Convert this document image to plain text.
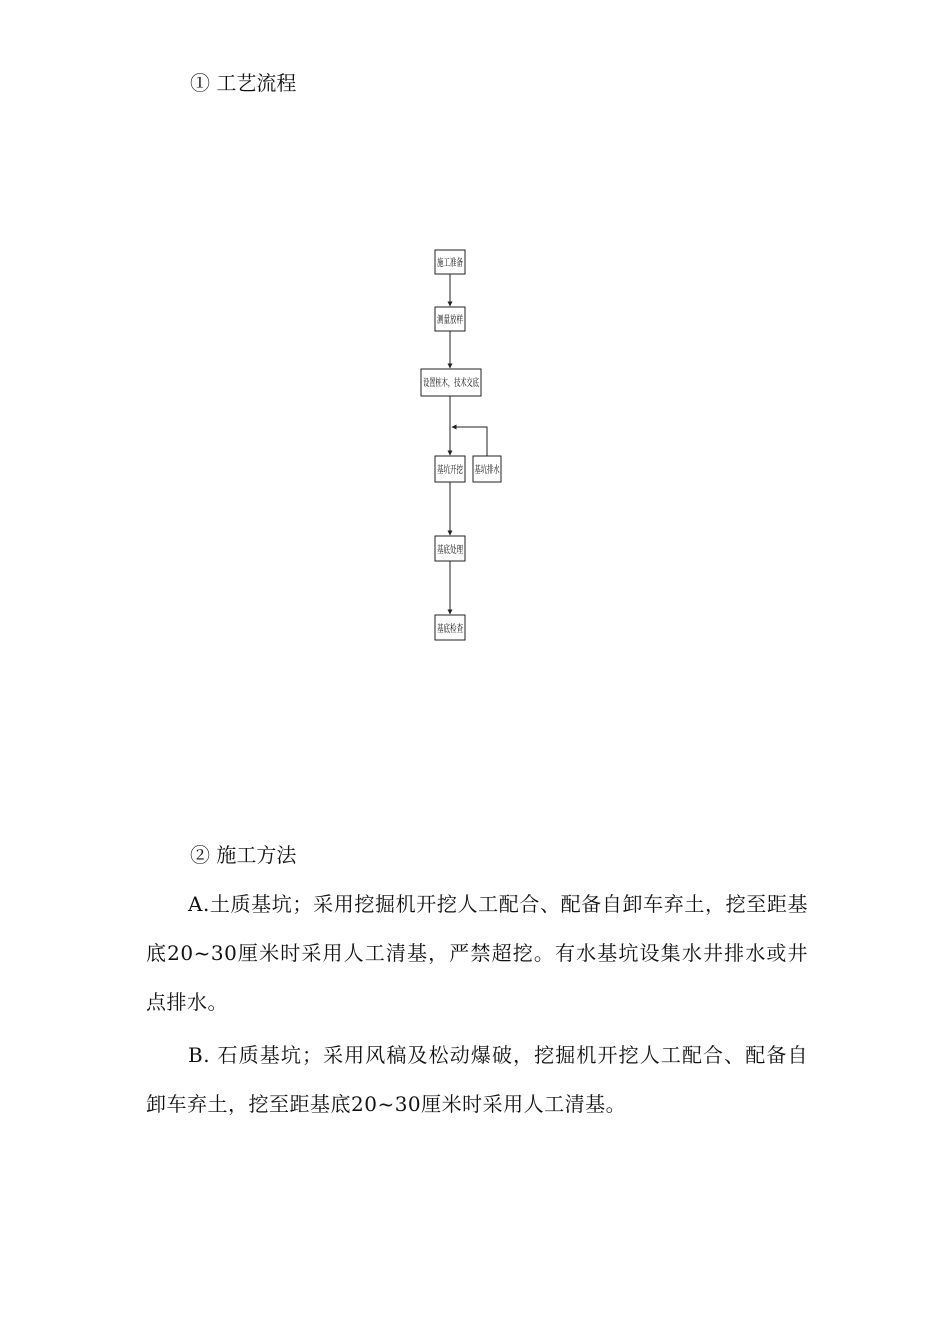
① 工艺流程
施工准备
测量放样
设置桩木，技术交底
基坑开挖
基坑排水
基底处理
基底检查
② 施工方法

A.土质基坑；采用挖掘机开挖人工配合、配备自卸车弃土，挖至距基底20~30厘米时采用人工清基，严禁超挖。有水基坑设集水井排水或井点排水。

B. 石质基坑；采用风稿及松动爆破，挖掘机开挖人工配合、配备自卸车弃土，挖至距基底20~30厘米时采用人工清基。
